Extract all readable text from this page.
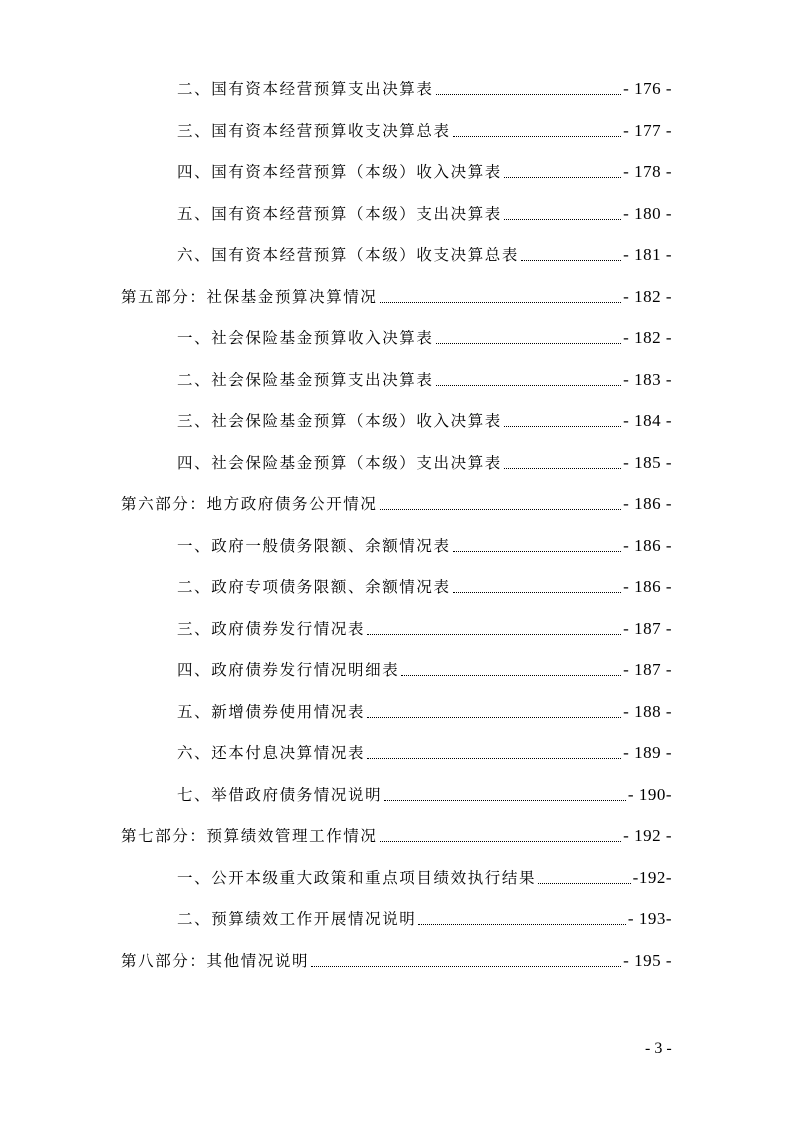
二、国有资本经营预算支出决算表	- 176 -
三、国有资本经营预算收支决算总表	- 177 -
四、国有资本经营预算（本级）收入决算表	- 178 -
五、国有资本经营预算（本级）支出决算表	- 180 -
六、国有资本经营预算（本级）收支决算总表	- 181 -
第五部分：社保基金预算决算情况	- 182 -
一、社会保险基金预算收入决算表	- 182 -
二、社会保险基金预算支出决算表	- 183 -
三、社会保险基金预算（本级）收入决算表	- 184 -
四、社会保险基金预算（本级）支出决算表	- 185 -
第六部分：地方政府债务公开情况	- 186 -
一、政府一般债务限额、余额情况表	- 186 -
二、政府专项债务限额、余额情况表	- 186 -
三、政府债券发行情况表	- 187 -
四、政府债券发行情况明细表	- 187 -
五、新增债券使用情况表	- 188 -
六、还本付息决算情况表	- 189 -
七、举借政府债务情况说明	- 190-
第七部分：预算绩效管理工作情况	- 192 -
一、公开本级重大政策和重点项目绩效执行结果	-192-
二、预算绩效工作开展情况说明	- 193-
第八部分：其他情况说明	- 195 -
- 3 -
